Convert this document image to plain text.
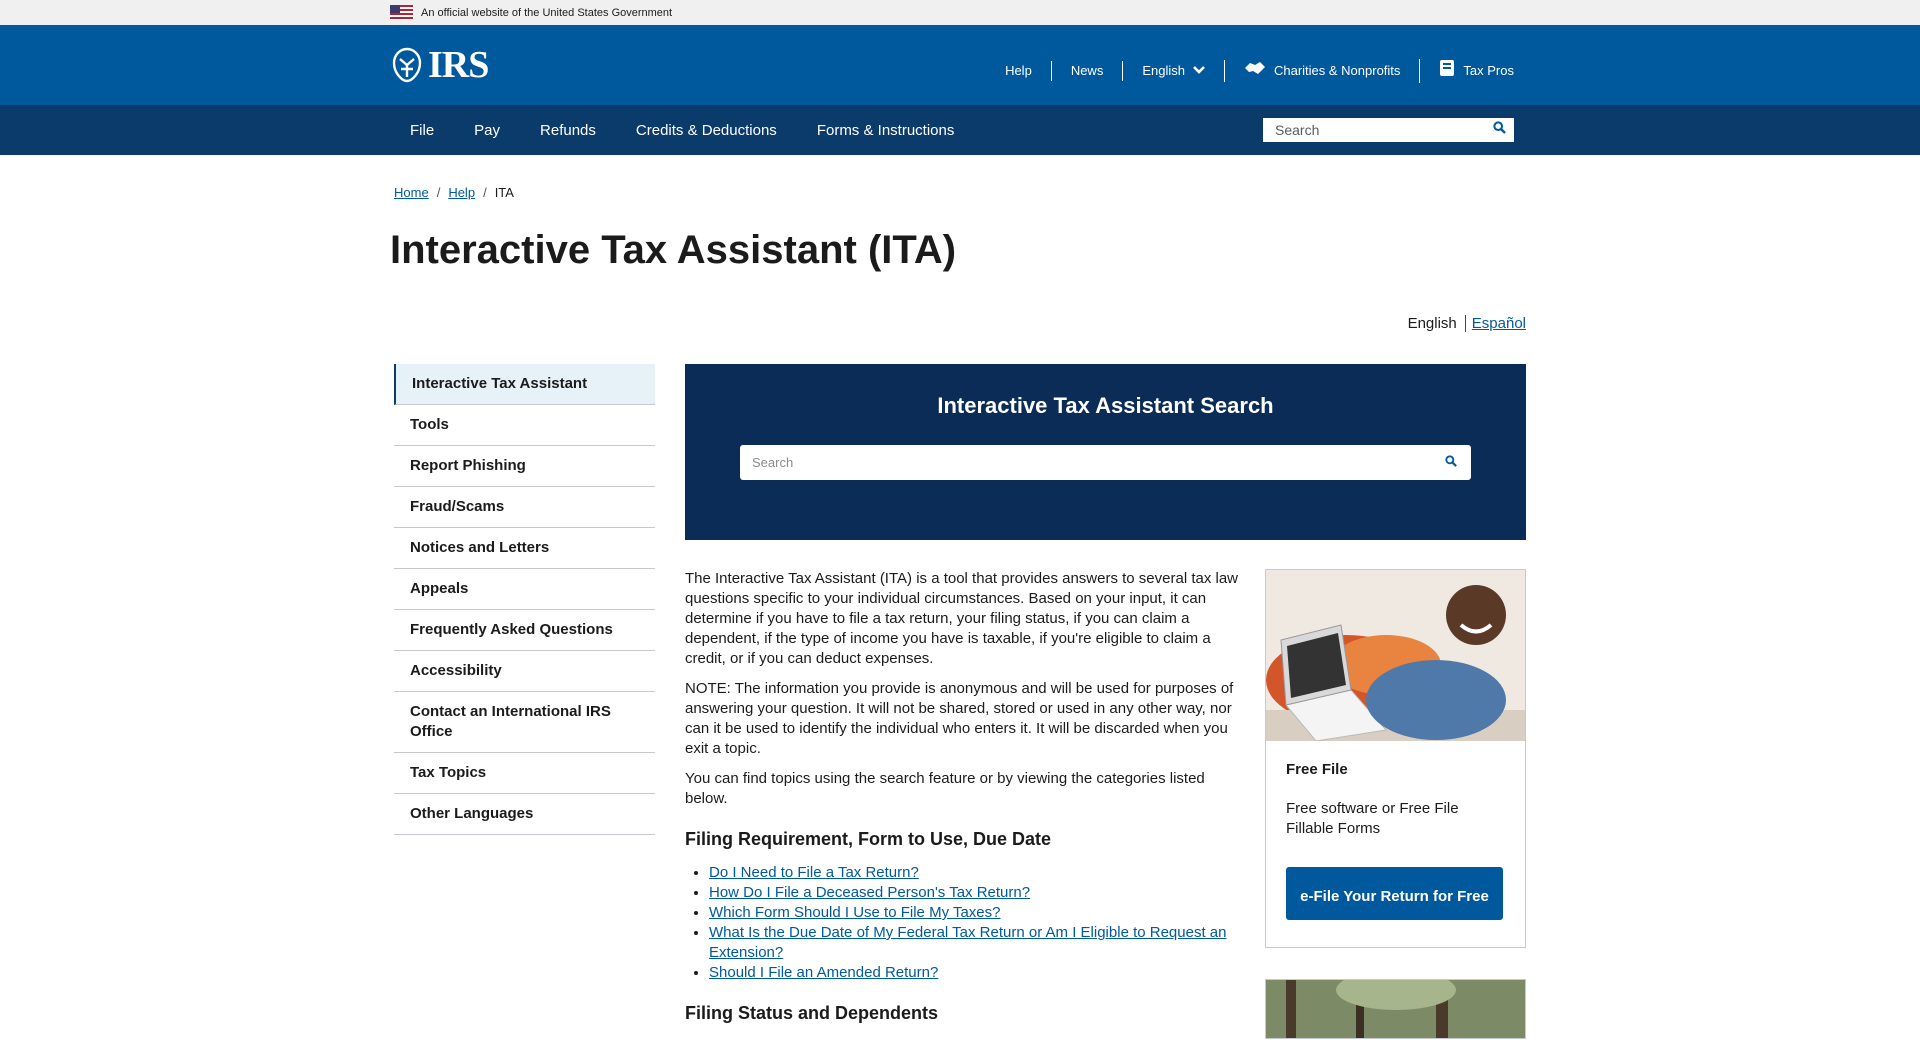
An official website of the United States Government
IRS	Help	News	English	Charities & Nonprofits	Tax Pros
File	Pay	Refunds	Credits & Deductions	Forms & Instructions
Search
Home / Help / ITA
Interactive Tax Assistant (ITA)
English	Español
Interactive Tax Assistant
Tools
Report Phishing
Fraud/Scams
Notices and Letters
Appeals
Frequently Asked Questions
Accessibility
Contact an International IRS Office
Tax Topics
Other Languages
Interactive Tax Assistant Search
Search

The Interactive Tax Assistant (ITA) is a tool that provides answers to several tax law questions specific to your individual circumstances. Based on your input, it can determine if you have to file a tax return, your filing status, if you can claim a dependent, if the type of income you have is taxable, if you're eligible to claim a credit, or if you can deduct expenses.

NOTE: The information you provide is anonymous and will be used for purposes of answering your question. It will not be shared, stored or used in any other way, nor can it be used to identify the individual who enters it. It will be discarded when you exit a topic.

You can find topics using the search feature or by viewing the categories listed below.

Filing Requirement, Form to Use, Due Date
• Do I Need to File a Tax Return?
• How Do I File a Deceased Person's Tax Return?
• Which Form Should I Use to File My Taxes?
• What Is the Due Date of My Federal Tax Return or Am I Eligible to Request an Extension?
• Should I File an Amended Return?
Filing Status and Dependents
Free File
Free software or Free File Fillable Forms
e-File Your Return for Free
